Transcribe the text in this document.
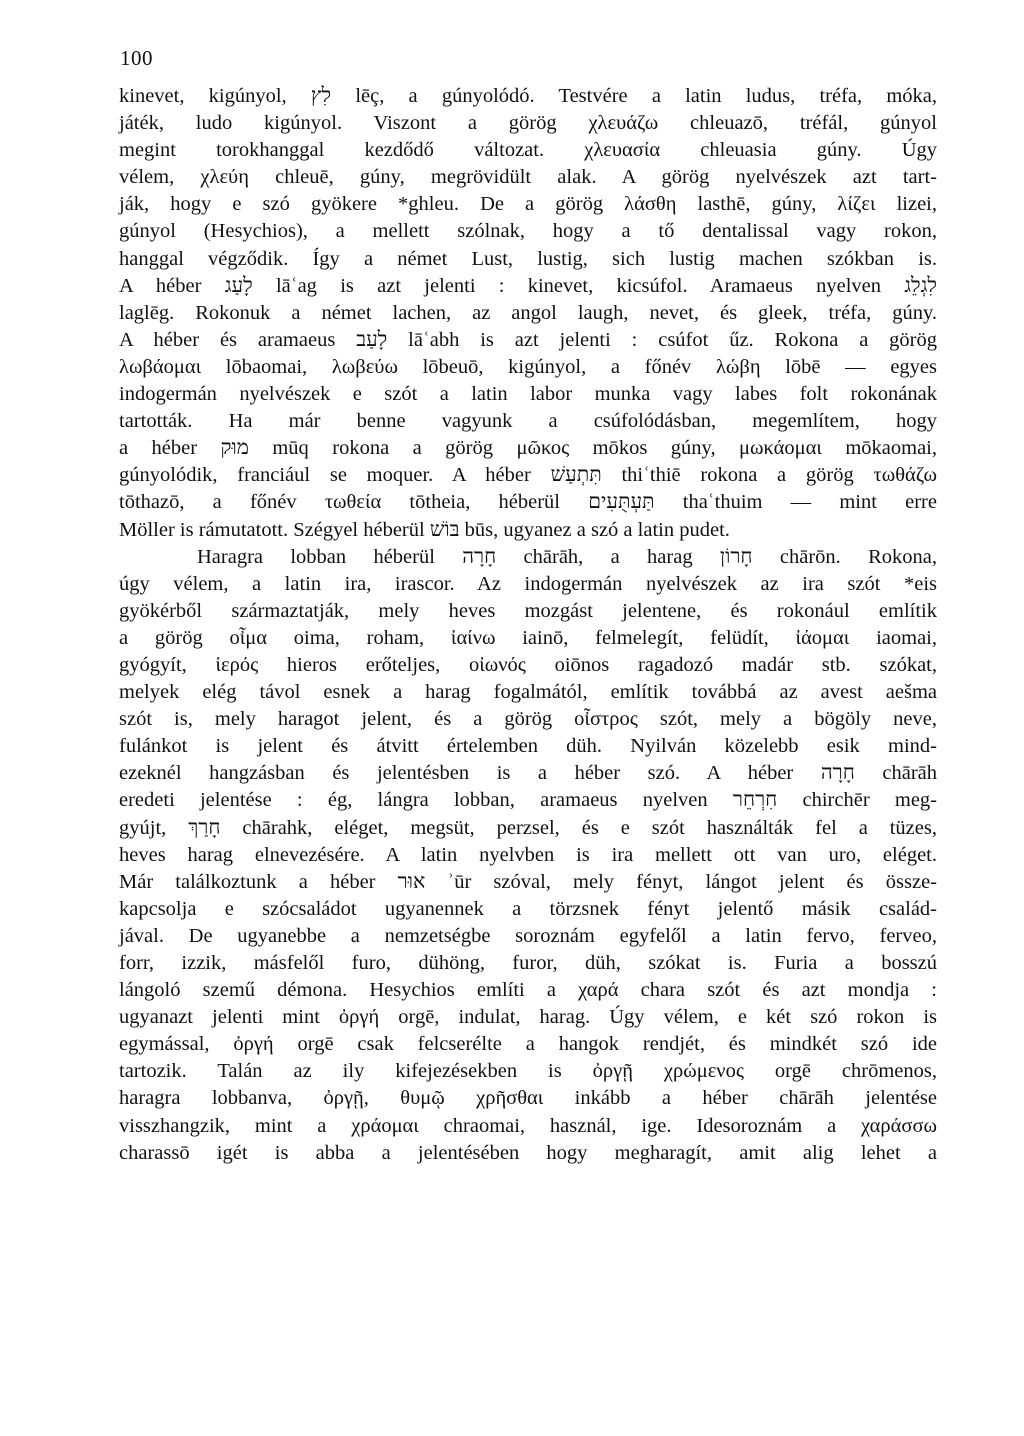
100
kinevet, kigúnyol, לִץ lēç, a gúnyolódó. Testvére a latin ludus, tréfa, móka,
játék, ludo kigúnyol. Viszont a görög χλευάζω chleuazō, tréfál, gúnyol
megint torokhanggal kezdődő változat. χλευασία chleuasia gúny. Úgy
vélem, χλεύη chleuē, gúny, megrövidült alak. A görög nyelvészek azt tart-
ják, hogy e szó gyökere *ghleu. De a görög λάσθη lasthē, gúny, λίζει lizei,
gúnyol (Hesychios), a mellett szólnak, hogy a tő dentalissal vagy rokon,
hanggal végződik. Így a német Lust, lustig, sich lustig machen szókban is.
A héber לָעַג lāʿag is azt jelenti : kinevet, kicsúfol. Aramaeus nyelven לִגְלֵג
laglēg. Rokonuk a német lachen, az angol laugh, nevet, és gleek, tréfa, gúny.
A héber és aramaeus לָעַב lāʿabh is azt jelenti : csúfot űz. Rokona a görög
λωβάομαι lōbaomai, λωβεύω lōbeuō, kigúnyol, a főnév λώβη lōbē — egyes
indogermán nyelvészek e szót a latin labor munka vagy labes folt rokonának
tartották. Ha már benne vagyunk a csúfolódásban, megemlítem, hogy
a héber מוּק mūq rokona a görög μῶκος mōkos gúny, μωκάομαι mōkaomai,
gúnyolódik, franciául se moquer. A héber תִּתְעַשׁ thiʿthiē rokona a görög τωθάζω
tōthazō, a főnév τωθεία tōtheia, héberül תַּעְתֻּעִים thaʿthuim — mint erre
Möller is rámutatott. Szégyel héberül בּוֹשׁ būs, ugyanez a szó a latin pudet.
Haragra lobban héberül חָרָה chārāh, a harag חָרוֹן chārōn. Rokona,
úgy vélem, a latin ira, irascor. Az indogermán nyelvészek az ira szót *eis
gyökérből származtatják, mely heves mozgást jelentene, és rokonául említik
a görög οἶμα oima, roham, ἰαίνω iainō, felmelegít, felüdít, ἰάομαι iaomai,
gyógyít, ἱερός hieros erőteljes, οἰωνός oiōnos ragadozó madár stb. szókat,
melyek elég távol esnek a harag fogalmától, említik továbbá az avest aešma
szót is, mely haragot jelent, és a görög οἶστρος szót, mely a bögöly neve,
fulánkot is jelent és átvitt értelemben düh. Nyilván közelebb esik mind-
ezeknél hangzásban és jelentésben is a héber szó. A héber חָרָה chārāh
eredeti jelentése : ég, lángra lobban, aramaeus nyelven חִרְחֵר chirchēr meg-
gyújt, חָרַךְ chārahk, eléget, megsüt, perzsel, és e szót használták fel a tüzes,
heves harag elnevezésére. A latin nyelvben is ira mellett ott van uro, eléget.
Már találkoztunk a héber אוּר ʾūr szóval, mely fényt, lángot jelent és össze-
kapcsolja e szócsaládot ugyanennek a törzsnek fényt jelentő másik család-
jával. De ugyanebbe a nemzetségbe soroznám egyfelől a latin fervo, ferveo,
forr, izzik, másfelől furo, dühöng, furor, düh, szókat is. Furia a bosszú
lángoló szemű démona. Hesychios említi a χαρά chara szót és azt mondja :
ugyanazt jelenti mint ὀργή orgē, indulat, harag. Úgy vélem, e két szó rokon is
egymással, ὀργή orgē csak felcserélte a hangok rendjét, és mindkét szó ide
tartozik. Talán az ily kifejezésekben is ὀργῇ χρώμενος orgē chrōmenos,
haragra lobbanva, ὀργῇ, θυμῷ χρῆσθαι inkább a héber chārāh jelentése
visszhangzik, mint a χράομαι chraomai, használ, ige. Idesoroznám a χαράσσω
charassō igét is abba a jelentésében hogy megharagít, amit alig lehet a
